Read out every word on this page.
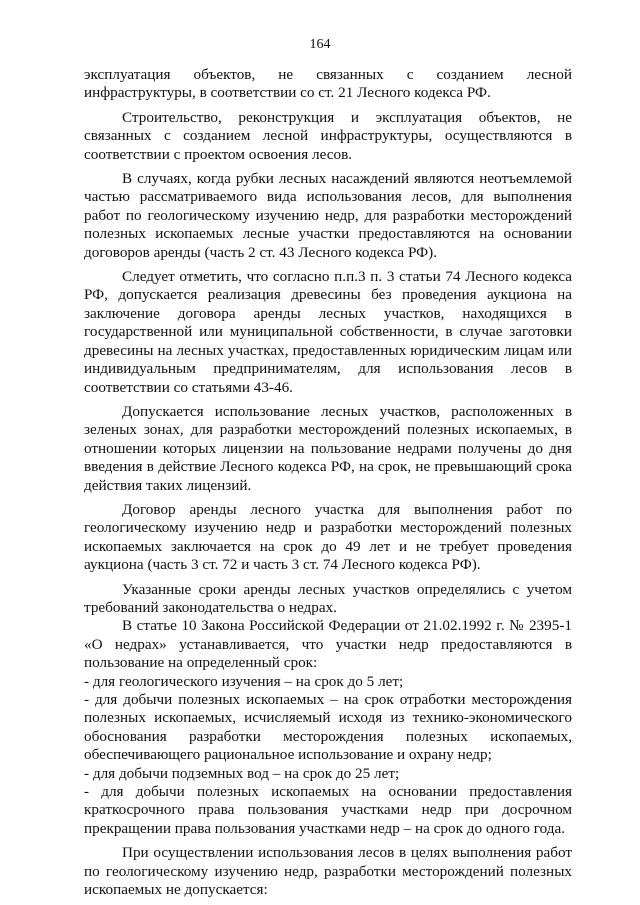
164

эксплуатация объектов, не связанных с созданием лесной инфраструктуры, в соответствии со ст. 21 Лесного кодекса РФ.

Строительство, реконструкция и эксплуатация объектов, не связанных с созданием лесной инфраструктуры, осуществляются в соответствии с проектом освоения лесов.

В случаях, когда рубки лесных насаждений являются неотъемлемой частью рассматриваемого вида использования лесов, для выполнения работ по геологическому изучению недр, для разработки месторождений полезных ископаемых лесные участки предоставляются на основании договоров аренды (часть 2 ст. 43 Лесного кодекса РФ).

Следует отметить, что согласно п.п.3 п. 3 статьи 74 Лесного кодекса РФ, допускается реализация древесины без проведения аукциона на заключение договора аренды лесных участков, находящихся в государственной или муниципальной собственности, в случае заготовки древесины на лесных участках, предоставленных юридическим лицам или индивидуальным предпринимателям, для использования лесов в соответствии со статьями 43-46.

Допускается использование лесных участков, расположенных в зеленых зонах, для разработки месторождений полезных ископаемых, в отношении которых лицензии на пользование недрами получены до дня введения в действие Лесного кодекса РФ, на срок, не превышающий срока действия таких лицензий.

Договор аренды лесного участка для выполнения работ по геологическому изучению недр и разработки месторождений полезных ископаемых заключается на срок до 49 лет и не требует проведения аукциона (часть 3 ст. 72 и часть 3 ст. 74 Лесного кодекса РФ).

Указанные сроки аренды лесных участков определялись с учетом требований законодательства о недрах.

В статье 10 Закона Российской Федерации от 21.02.1992 г. № 2395-1 «О недрах» устанавливается, что участки недр предоставляются в пользование на определенный срок:

- для геологического изучения – на срок до 5 лет;

- для добычи полезных ископаемых – на срок отработки месторождения полезных ископаемых, исчисляемый исходя из технико-экономического обоснования разработки месторождения полезных ископаемых, обеспечивающего рациональное использование и охрану недр;

- для добычи подземных вод – на срок до 25 лет;

- для добычи полезных ископаемых на основании предоставления краткосрочного права пользования участками недр при досрочном прекращении права пользования участками недр – на срок до одного года.

При осуществлении использования лесов в целях выполнения работ по геологическому изучению недр, разработки месторождений полезных ископаемых не допускается:
